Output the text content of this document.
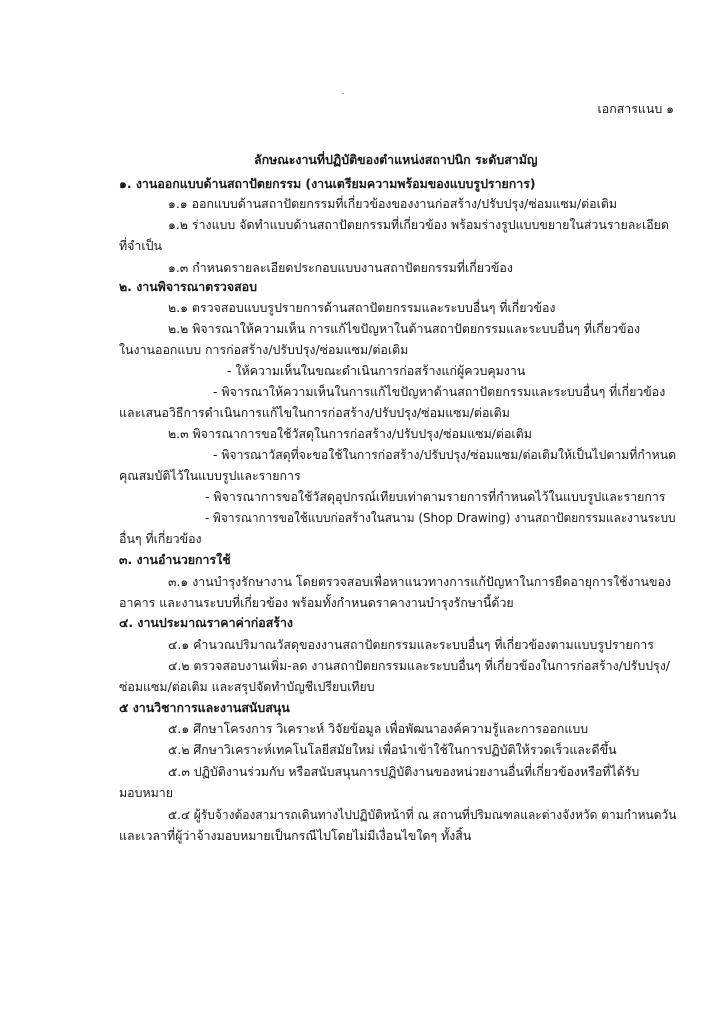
เอกสารแนบ ๑
ลักษณะงานที่ปฏิบัติของตำแหน่งสถาปนิก ระดับสามัญ
๑. งานออกแบบด้านสถาปัตยกรรม (งานเตรียมความพร้อมของแบบรูปรายการ)
๑.๑ ออกแบบด้านสถาปัตยกรรมที่เกี่ยวข้องของงานก่อสร้าง/ปรับปรุง/ซ่อมแซม/ต่อเติม
๑.๒ ร่างแบบ จัดทำแบบด้านสถาปัตยกรรมที่เกี่ยวข้อง พร้อมร่างรูปแบบขยายในส่วนรายละเอียด
ที่จำเป็น
๑.๓ กำหนดรายละเอียดประกอบแบบงานสถาปัตยกรรมที่เกี่ยวข้อง
๒. งานพิจารณาตรวจสอบ
๒.๑ ตรวจสอบแบบรูปรายการด้านสถาปัตยกรรมและระบบอื่นๆ ที่เกี่ยวข้อง
๒.๒ พิจารณาให้ความเห็น การแก้ไขปัญหาในด้านสถาปัตยกรรมและระบบอื่นๆ ที่เกี่ยวข้อง
ในงานออกแบบ การก่อสร้าง/ปรับปรุง/ซ่อมแซม/ต่อเติม
- ให้ความเห็นในขณะดำเนินการก่อสร้างแก่ผู้ควบคุมงาน
- พิจารณาให้ความเห็นในการแก้ไขปัญหาด้านสถาปัตยกรรมและระบบอื่นๆ ที่เกี่ยวข้อง
และเสนอวิธีการดำเนินการแก้ไขในการก่อสร้าง/ปรับปรุง/ซ่อมแซม/ต่อเติม
๒.๓ พิจารณาการขอใช้วัสดุในการก่อสร้าง/ปรับปรุง/ซ่อมแซม/ต่อเติม
- พิจารณาวัสดุที่จะขอใช้ในการก่อสร้าง/ปรับปรุง/ซ่อมแซม/ต่อเติมให้เป็นไปตามที่กำหนด
คุณสมบัติไว้ในแบบรูปและรายการ
- พิจารณาการขอใช้วัสดุอุปกรณ์เทียบเท่าตามรายการที่กำหนดไว้ในแบบรูปและรายการ
- พิจารณาการขอใช้แบบก่อสร้างในสนาม (Shop Drawing) งานสถาปัตยกรรมและงานระบบ
อื่นๆ ที่เกี่ยวข้อง
๓. งานอำนวยการใช้
๓.๑ งานบำรุงรักษางาน โดยตรวจสอบเพื่อหาแนวทางการแก้ปัญหาในการยืดอายุการใช้งานของ
อาคาร และงานระบบที่เกี่ยวข้อง พร้อมทั้งกำหนดราคางานบำรุงรักษานี้ด้วย
๔. งานประมาณราคาค่าก่อสร้าง
๔.๑ คำนวณปริมาณวัสดุของงานสถาปัตยกรรมและระบบอื่นๆ ที่เกี่ยวข้องตามแบบรูปรายการ
๔.๒ ตรวจสอบงานเพิ่ม-ลด งานสถาปัตยกรรมและระบบอื่นๆ ที่เกี่ยวข้องในการก่อสร้าง/ปรับปรุง/
ซ่อมแซม/ต่อเติม และสรุปจัดทำบัญชีเปรียบเทียบ
๕ งานวิชาการและงานสนับสนุน
๕.๑ ศึกษาโครงการ วิเคราะห์ วิจัยข้อมูล เพื่อพัฒนาองค์ความรู้และการออกแบบ
๕.๒ ศึกษาวิเคราะห์เทคโนโลยีสมัยใหม่ เพื่อนำเข้าใช้ในการปฏิบัติให้รวดเร็วและดีขึ้น
๕.๓ ปฏิบัติงานร่วมกับ หรือสนับสนุนการปฏิบัติงานของหน่วยงานอื่นที่เกี่ยวข้องหรือที่ได้รับ
มอบหมาย
๕.๔ ผู้รับจ้างต้องสามารถเดินทางไปปฏิบัติหน้าที่ ณ สถานที่ปริมณฑลและต่างจังหวัด ตามกำหนดวัน
และเวลาที่ผู้ว่าจ้างมอบหมายเป็นกรณีไปโดยไม่มีเงื่อนไขใดๆ ทั้งสิ้น
